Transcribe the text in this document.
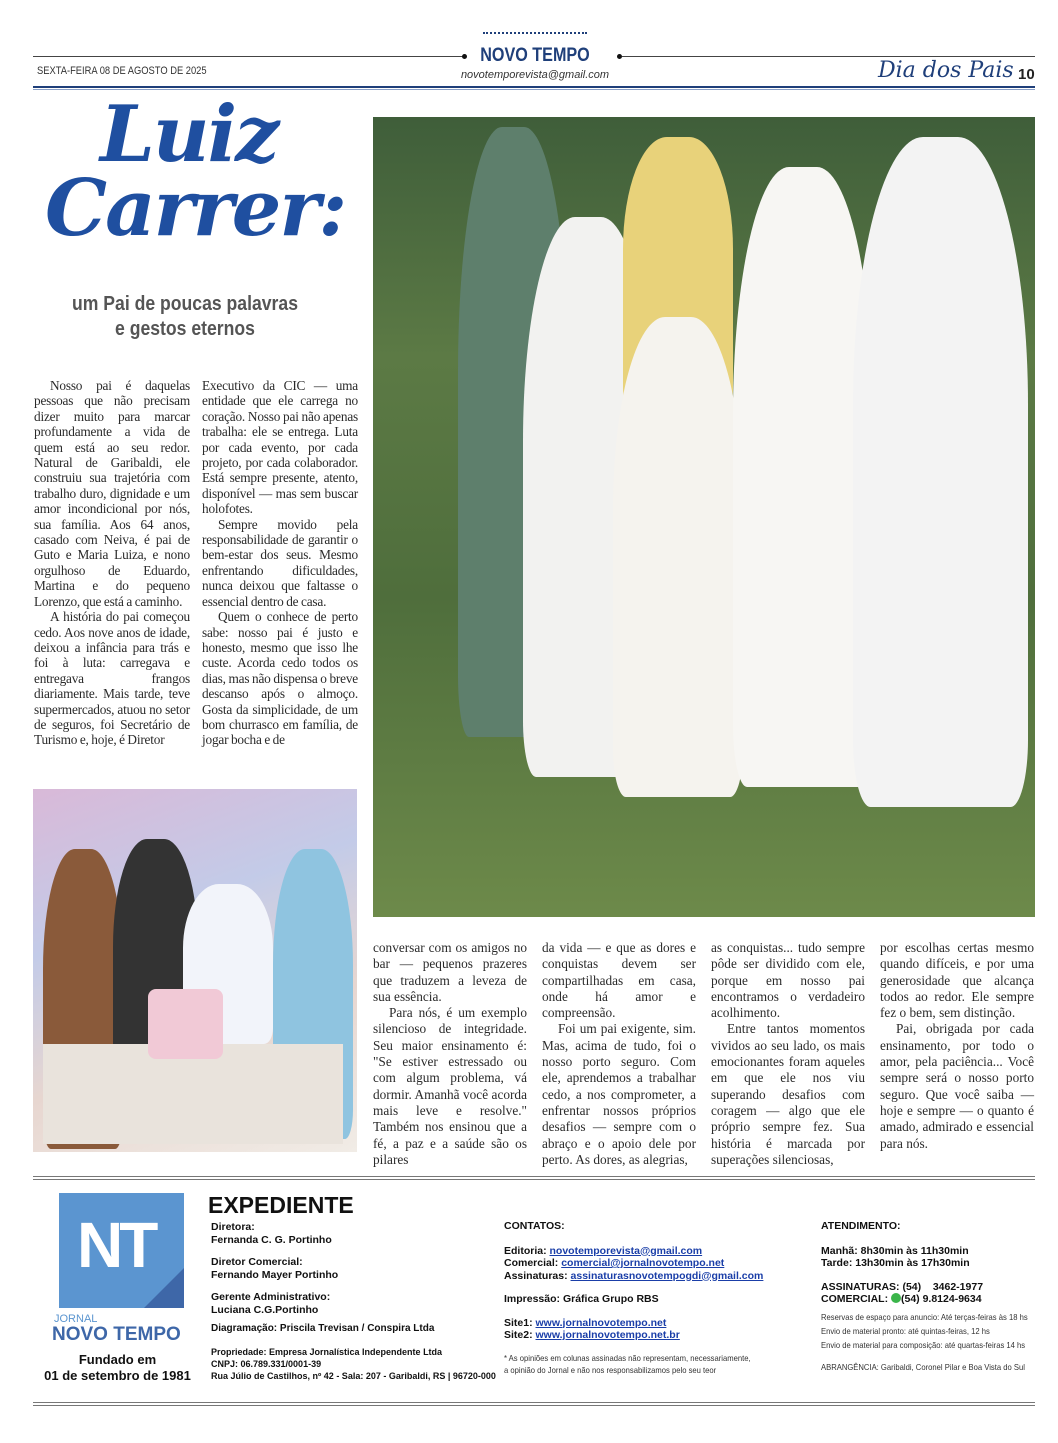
NOVO TEMPO
novotemporevista@gmail.com
SEXTA-FEIRA 08 DE AGOSTO DE 2025	Dia dos Pais 10
Luiz
Carrer:
um Pai de poucas palavras
e gestos eternos

Nosso pai é daquelas pessoas que não precisam dizer muito para marcar profundamente a vida de quem está ao seu redor. Natural de Garibaldi, ele construiu sua trajetória com trabalho duro, dignidade e um amor incondicional por nós, sua família. Aos 64 anos, casado com Neiva, é pai de Guto e Maria Luiza, e nono orgulhoso de Eduardo, Martina e do pequeno Lorenzo, que está a caminho.

A história do pai começou cedo. Aos nove anos de idade, deixou a infância para trás e foi à luta: carregava e entregava frangos diariamente. Mais tarde, teve supermercados, atuou no setor de seguros, foi Secretário de Turismo e, hoje, é Diretor

Executivo da CIC — uma entidade que ele carrega no coração. Nosso pai não apenas trabalha: ele se entrega. Luta por cada evento, por cada projeto, por cada colaborador. Está sempre presente, atento, disponível — mas sem buscar holofotes.

Sempre movido pela responsabilidade de garantir o bem-estar dos seus. Mesmo enfrentando dificuldades, nunca deixou que faltasse o essencial dentro de casa.

Quem o conhece de perto sabe: nosso pai é justo e honesto, mesmo que isso lhe custe. Acorda cedo todos os dias, mas não dispensa o breve descanso após o almoço. Gosta da simplicidade, de um bom churrasco em família, de jogar bocha e de

conversar com os amigos no bar — pequenos prazeres que traduzem a leveza de sua essência.

Para nós, é um exemplo silencioso de integridade. Seu maior ensinamento é: "Se estiver estressado ou com algum problema, vá dormir. Amanhã você acorda mais leve e resolve." Também nos ensinou que a fé, a paz e a saúde são os pilares

da vida — e que as dores e conquistas devem ser compartilhadas em casa, onde há amor e compreensão.

Foi um pai exigente, sim. Mas, acima de tudo, foi o nosso porto seguro. Com ele, aprendemos a trabalhar cedo, a nos comprometer, a enfrentar nossos próprios desafios — sempre com o abraço e o apoio dele por perto. As dores, as alegrias,

as conquistas... tudo sempre pôde ser dividido com ele, porque em nosso pai encontramos o verdadeiro acolhimento.

Entre tantos momentos vividos ao seu lado, os mais emocionantes foram aqueles em que ele nos viu superando desafios com coragem — algo que ele próprio sempre fez. Sua história é marcada por superações silenciosas,

por escolhas certas mesmo quando difíceis, e por uma generosidade que alcança todos ao redor. Ele sempre fez o bem, sem distinção.

Pai, obrigada por cada ensinamento, por todo o amor, pela paciência... Você sempre será o nosso porto seguro. Que você saiba — hoje e sempre — o quanto é amado, admirado e essencial para nós.

NT
JORNAL
NOVO TEMPO
Fundado em
01 de setembro de 1981
EXPEDIENTE
Diretora:
Fernanda C. G. Portinho
Diretor Comercial:
Fernando Mayer Portinho
Gerente Administrativo:
Luciana C.G.Portinho
Diagramação: Priscila Trevisan / Conspira Ltda
Propriedade: Empresa Jornalística Independente Ltda
CNPJ: 06.789.331/0001-39
Rua Júlio de Castilhos, nº 42 - Sala: 207 - Garibaldi, RS | 96720-000
CONTATOS:
Editoria: novotemporevista@gmail.com
Comercial: comercial@jornalnovotempo.net
Assinaturas: assinaturasnovotempogdi@gmail.com
Impressão: Gráfica Grupo RBS
Site1: www.jornalnovotempo.net
Site2: www.jornalnovotempo.net.br
* As opiniões em colunas assinadas não representam, necessariamente,
a opinião do Jornal e não nos responsabilizamos pelo seu teor
ATENDIMENTO:
Manhã: 8h30min às 11h30min
Tarde: 13h30min às 17h30min
ASSINATURAS: (54)    3462-1977
COMERCIAL: (54) 9.8124-9634
Reservas de espaço para anuncio: Até terças-feiras às 18 hs
Envio de material pronto: até quintas-feiras, 12 hs
Envio de material para composição: até quartas-feiras 14 hs
ABRANGÊNCIA: Garibaldi, Coronel Pilar e Boa Vista do Sul
